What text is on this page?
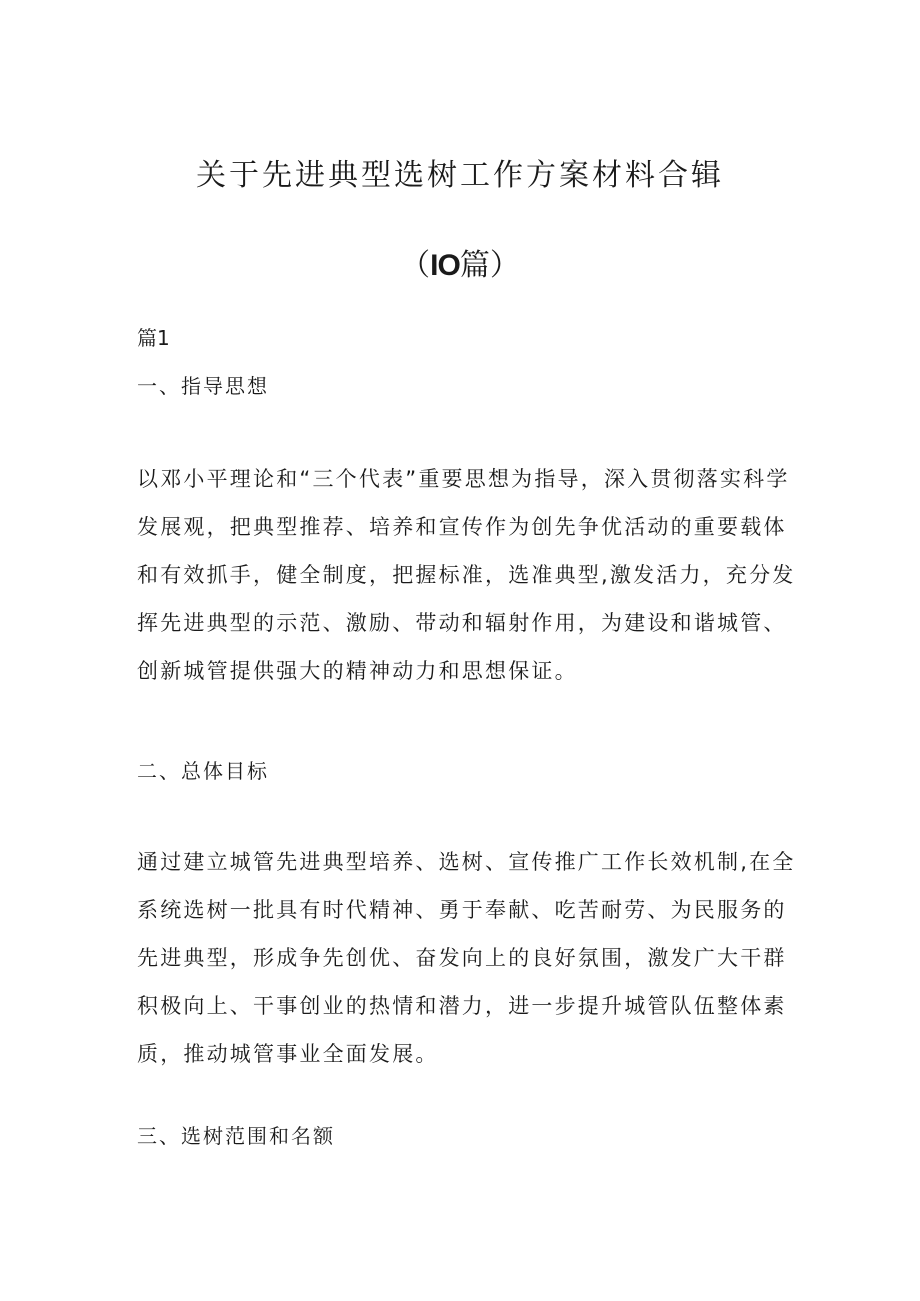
关于先进典型选树工作方案材料合辑
（IO篇）
篇1
一、指导思想

以邓小平理论和“三个代表”重要思想为指导，深入贯彻落实科学发展观，把典型推荐、培养和宣传作为创先争优活动的重要载体和有效抓手，健全制度，把握标准，选准典型,激发活力，充分发挥先进典型的示范、激励、带动和辐射作用，为建设和谐城管、创新城管提供强大的精神动力和思想保证。

二、总体目标

通过建立城管先进典型培养、选树、宣传推广工作长效机制,在全系统选树一批具有时代精神、勇于奉献、吃苦耐劳、为民服务的先进典型，形成争先创优、奋发向上的良好氛围，激发广大干群积极向上、干事创业的热情和潜力，进一步提升城管队伍整体素质，推动城管事业全面发展。

三、选树范围和名额
